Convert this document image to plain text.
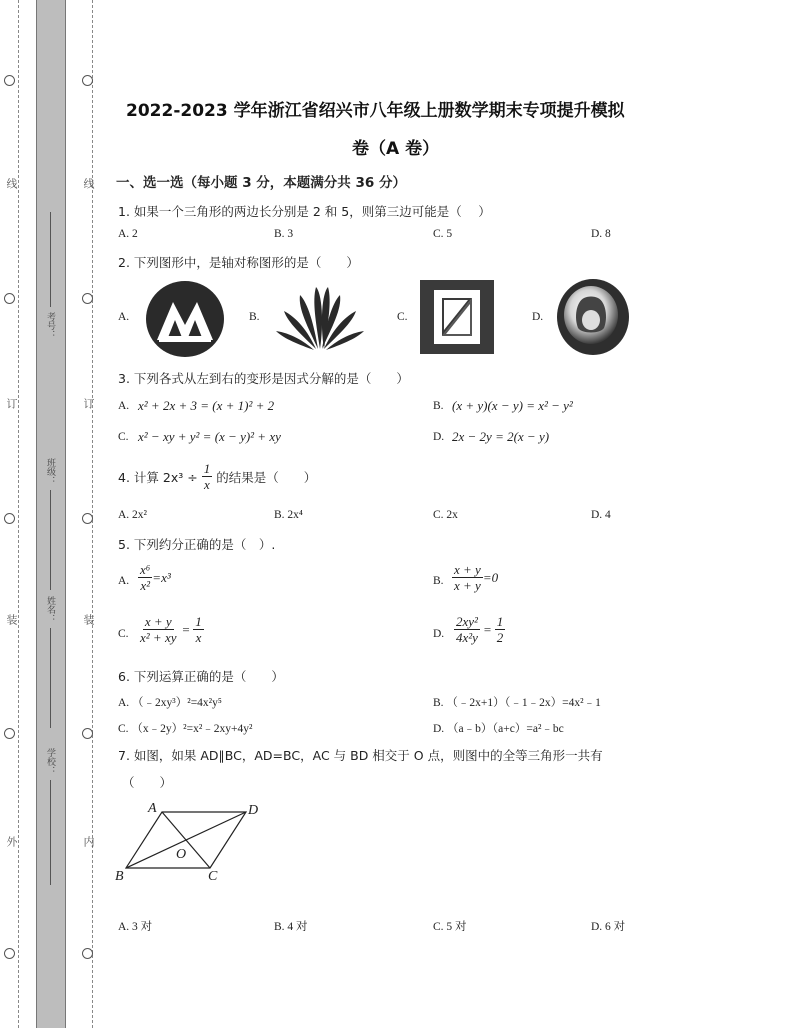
线
订
装
外
线
订
装
内
考号：
班级：
姓名：
学校：
2022-2023 学年浙江省绍兴市八年级上册数学期末专项提升模拟
卷（A 卷）
一、选一选（每小题 3 分，本题满分共 36 分）
1. 如果一个三角形的两边长分别是 2 和 5，则第三边可能是（　 ）
A. 2	B. 3	C. 5	D. 8
2. 下列图形中，是轴对称图形的是（　　）
A.	B.	C.	D.
3. 下列各式从左到右的变形是因式分解的是（　　）
A. x² + 2x + 3 = (x + 1)² + 2	B. (x + y)(x − y) = x² − y²
C. x² − xy + y² = (x − y)² + xy	D. 2x − 2y = 2(x − y)
4. 计算 $2x^3 \div \frac{1}{x}$ 的结果是（　　）
A. 2x²	B. 2x⁴	C. 2x	D. 4
5. 下列约分正确的是（　）.
A. $\frac{\text{x⁶}}{\text{x²}} =x^3$	B. $\frac{x + y}{x + y} =0$
C. $\frac{x + y}{\text{x² + xy}} = \frac{1}{x}$	D. $\frac{\text{2xy²}}{\text{4x²y}} = \frac{1}{2}$
6. 下列运算正确的是（　　）
A. （﹣2xy³）²=4x²y⁵	B. （﹣2x+1）（﹣1﹣2x）=4x²﹣1
C. （x﹣2y）²=x²﹣2xy+4y²	D. （a﹣b）（a+c）=a²﹣bc
7. 如图，如果 AD∥BC，AD=BC，AC 与 BD 相交于 O 点，则图中的全等三角形一共有
（　　）
A	D
O
B	C
A. 3 对	B. 4 对	C. 5 对	D. 6 对
